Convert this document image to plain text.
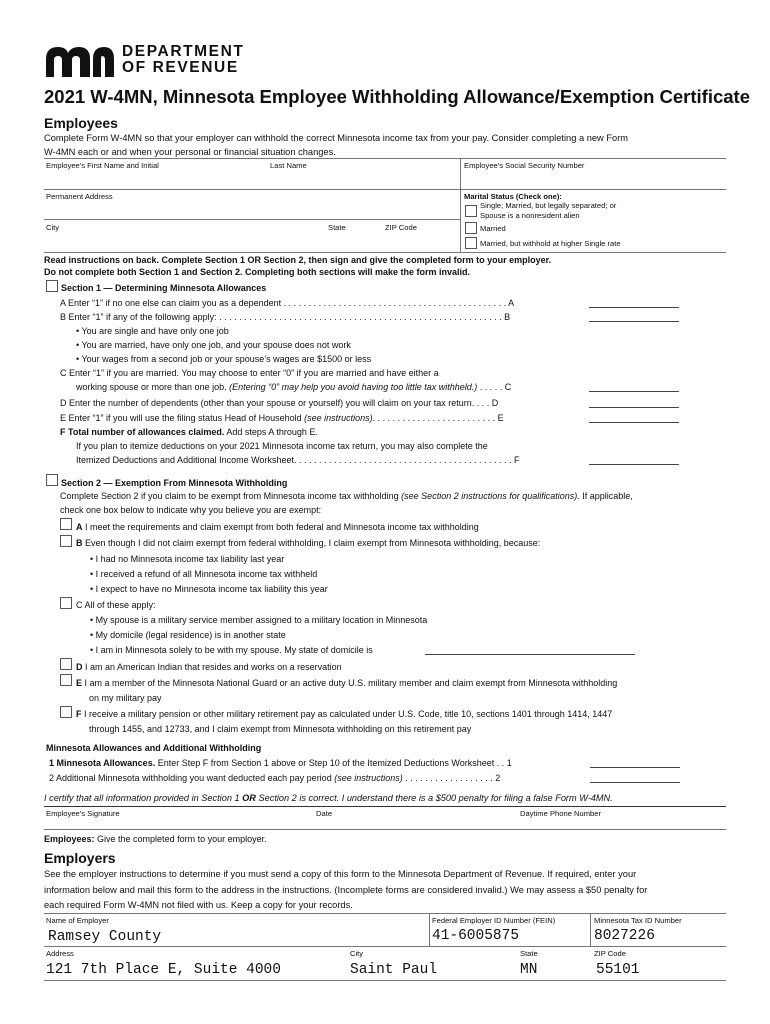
DEPARTMENT
OF REVENUE
2021 W-4MN, Minnesota Employee Withholding Allowance/Exemption Certificate
Employees
Complete Form W-4MN so that your employer can withhold the correct Minnesota income tax from your pay. Consider completing a new Form
W-4MN each or and when your personal or financial situation changes.
Employee's First Name and Initial	Last Name	Employee's Social Security Number
Permanent Address
City	State	ZIP Code
Marital Status (Check one):
Single; Married, but legally separated; or
Spouse is a nonresident alien
Married
Married, but withhold at higher Single rate
Read instructions on back. Complete Section 1 OR Section 2, then sign and give the completed form to your employer.
Do not complete both Section 1 and Section 2. Completing both sections will make the form invalid.
Section 1 — Determining Minnesota Allowances
A Enter “1” if no one else can claim you as a dependent . . . . . . . . . . . . . . . . . . . . . . . . . . . . . . . . . . . . . . . . . . . . . A
B Enter “1” if any of the following apply: . . . . . . . . . . . . . . . . . . . . . . . . . . . . . . . . . . . . . . . . . . . . . . . . . . . . . . . . . B
• You are single and have only one job
• You are married, have only one job, and your spouse does not work
• Your wages from a second job or your spouse’s wages are $1500 or less
C Enter “1” if you are married. You may choose to enter “0” if you are married and have either a
working spouse or more than one job. (Entering “0” may help you avoid having too little tax withheld.) . . . . . C
D Enter the number of dependents (other than your spouse or yourself) you will claim on your tax return. . . . D
E Enter “1” if you will use the filing status Head of Household (see instructions). . . . . . . . . . . . . . . . . . . . . . . . . E
F Total number of allowances claimed. Add steps A through E.
If you plan to itemize deductions on your 2021 Minnesota income tax return, you may also complete the
Itemized Deductions and Additional Income Worksheet. . . . . . . . . . . . . . . . . . . . . . . . . . . . . . . . . . . . . . . . . . . . F
Section 2 — Exemption From Minnesota Withholding
Complete Section 2 if you claim to be exempt from Minnesota income tax withholding (see Section 2 instructions for qualifications). If applicable,
check one box below to indicate why you believe you are exempt:
A I meet the requirements and claim exempt from both federal and Minnesota income tax withholding
B Even though I did not claim exempt from federal withholding, I claim exempt from Minnesota withholding, because:
• I had no Minnesota income tax liability last year
• I received a refund of all Minnesota income tax withheld
• I expect to have no Minnesota income tax liability this year
C All of these apply:
• My spouse is a military service member assigned to a military location in Minnesota
• My domicile (legal residence) is in another state
• I am in Minnesota solely to be with my spouse. My state of domicile is
D I am an American Indian that resides and works on a reservation
E I am a member of the Minnesota National Guard or an active duty U.S. military member and claim exempt from Minnesota withholding
on my military pay
F I receive a military pension or other military retirement pay as calculated under U.S. Code, title 10, sections 1401 through 1414, 1447
through 1455, and 12733, and I claim exempt from Minnesota withholding on this retirement pay
Minnesota Allowances and Additional Withholding
1 Minnesota Allowances. Enter Step F from Section 1 above or Step 10 of the Itemized Deductions Worksheet . . 1
2 Additional Minnesota withholding you want deducted each pay period (see instructions) . . . . . . . . . . . . . . . . . . 2
I certify that all information provided in Section 1 OR Section 2 is correct. I understand there is a $500 penalty for filing a false Form W-4MN.
Employee's Signature	Date	Daytime Phone Number
Employees: Give the completed form to your employer.
Employers
See the employer instructions to determine if you must send a copy of this form to the Minnesota Department of Revenue. If required, enter your
information below and mail this form to the address in the instructions. (Incomplete forms are considered invalid.) We may assess a $50 penalty for
each required Form W-4MN not filed with us. Keep a copy for your records.
Name of Employer	Federal Employer ID Number (FEIN)	Minnesota Tax ID Number
Ramsey County	41-6005875	8027226
Address	City	State	ZIP Code
121 7th Place E, Suite 4000	Saint Paul	MN	55101
